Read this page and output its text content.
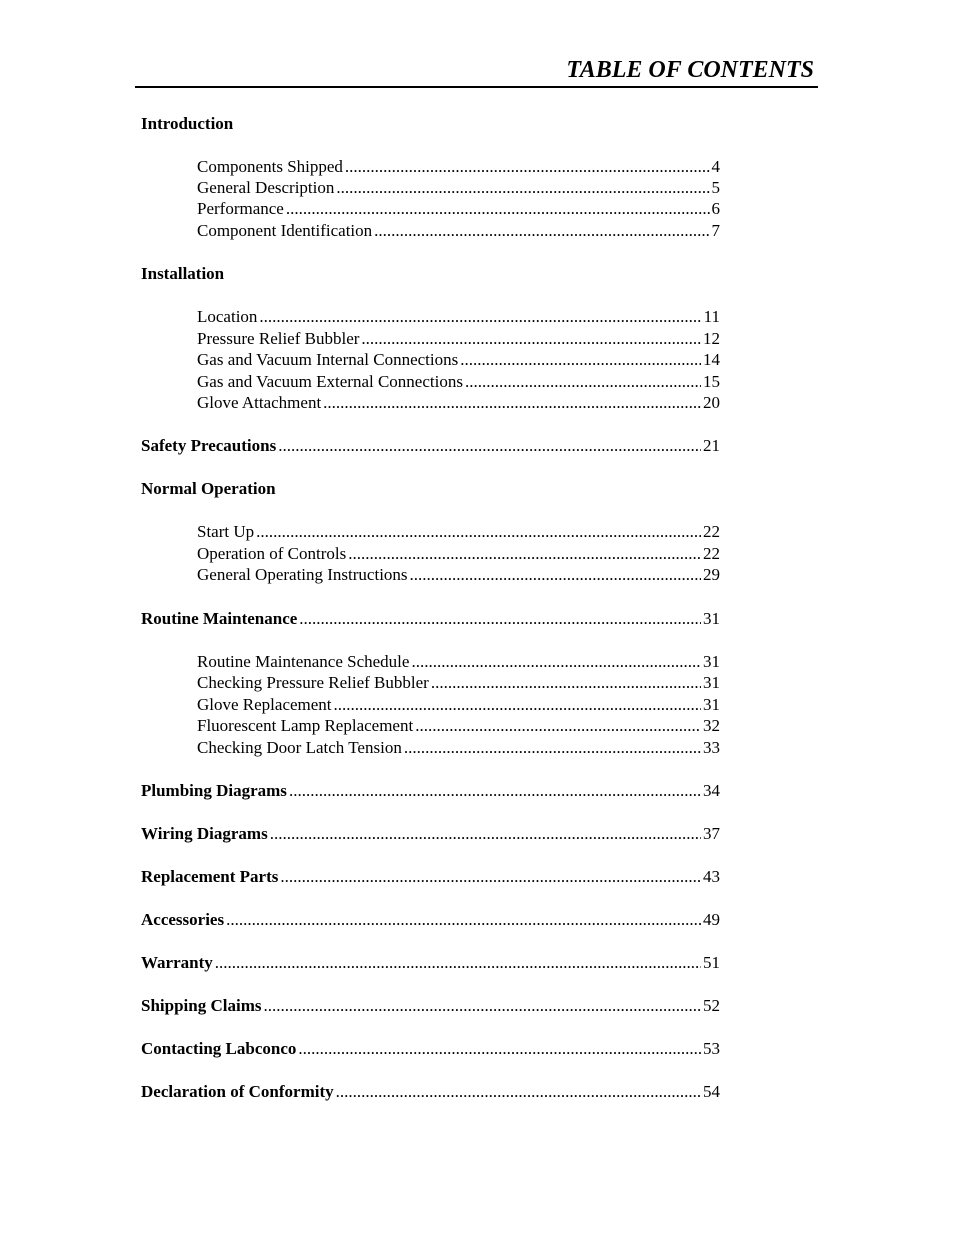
TABLE OF CONTENTS
Introduction
Components Shipped .....	4
General Description .....	5
Performance .....	6
Component Identification .....	7
Installation
Location .....	11
Pressure Relief Bubbler .....	12
Gas and Vacuum Internal Connections .....	14
Gas and Vacuum External Connections .....	15
Glove Attachment .....	20
Safety Precautions .....	21
Normal Operation
Start Up .....	22
Operation of Controls .....	22
General Operating Instructions .....	29
Routine Maintenance .....	31
Routine Maintenance Schedule .....	31
Checking Pressure Relief Bubbler .....	31
Glove Replacement .....	31
Fluorescent Lamp Replacement .....	32
Checking Door Latch Tension .....	33
Plumbing Diagrams .....	34
Wiring Diagrams .....	37
Replacement Parts .....	43
Accessories .....	49
Warranty .....	51
Shipping Claims .....	52
Contacting Labconco .....	53
Declaration of Conformity .....	54
